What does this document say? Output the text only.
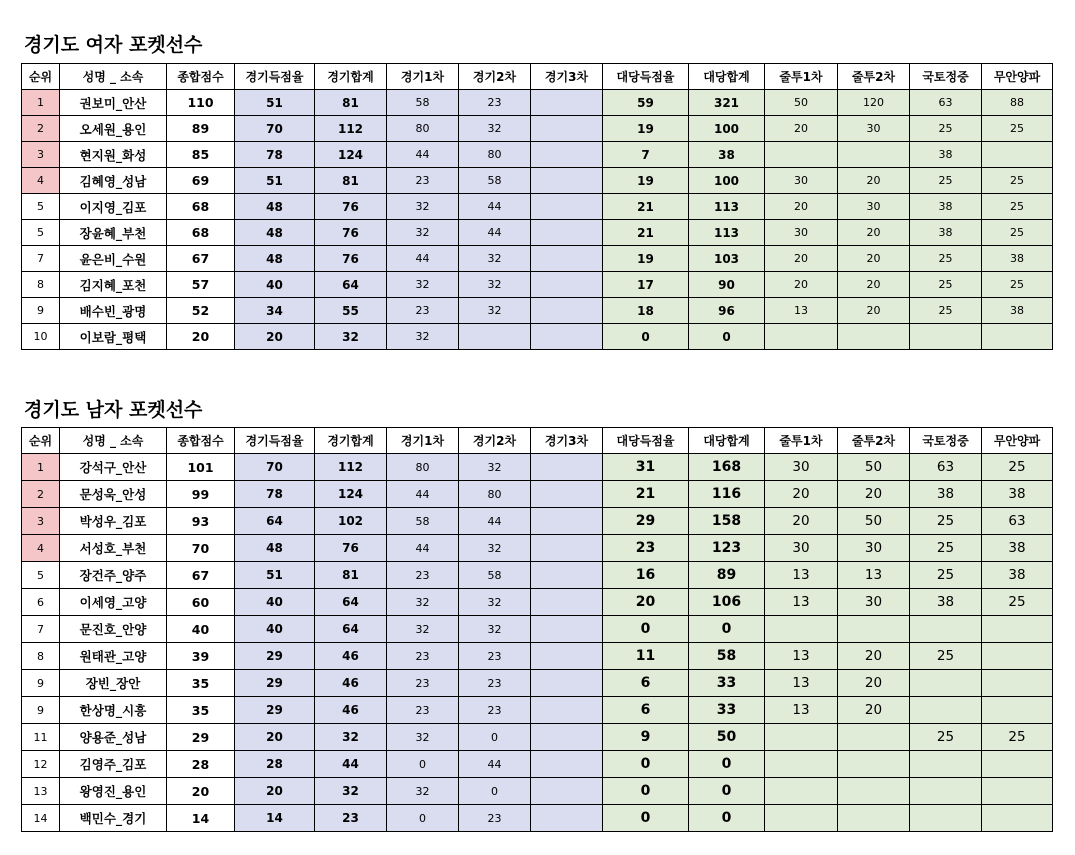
경기도 여자 포켓선수
순위	성명 _ 소속	종합점수	경기득점율	경기합계	경기1차	경기2차	경기3차	대당득점율	대당합계	줄투1차	줄투2차	국토정중	무안양파
1	권보미_안산	110	51	81	58	23		59	321	50	120	63	88
2	오세원_용인	89	70	112	80	32		19	100	20	30	25	25
3	현지원_화성	85	78	124	44	80		7	38			38	
4	김혜영_성남	69	51	81	23	58		19	100	30	20	25	25
5	이지영_김포	68	48	76	32	44		21	113	20	30	38	25
5	장윤혜_부천	68	48	76	32	44		21	113	30	20	38	25
7	윤은비_수원	67	48	76	44	32		19	103	20	20	25	38
8	김지혜_포천	57	40	64	32	32		17	90	20	20	25	25
9	배수빈_광명	52	34	55	23	32		18	96	13	20	25	38
10	이보람_평택	20	20	32	32			0	0				
경기도 남자 포켓선수
순위	성명 _ 소속	종합점수	경기득점율	경기합계	경기1차	경기2차	경기3차	대당득점율	대당합계	줄투1차	줄투2차	국토정중	무안양파
1	강석구_안산	101	70	112	80	32		31	168	30	50	63	25
2	문성욱_안성	99	78	124	44	80		21	116	20	20	38	38
3	박성우_김포	93	64	102	58	44		29	158	20	50	25	63
4	서성호_부천	70	48	76	44	32		23	123	30	30	25	38
5	장건주_양주	67	51	81	23	58		16	89	13	13	25	38
6	이세영_고양	60	40	64	32	32		20	106	13	30	38	25
7	문진호_안양	40	40	64	32	32		0	0				
8	원태관_고양	39	29	46	23	23		11	58	13	20	25	
9	장빈_장안	35	29	46	23	23		6	33	13	20		
9	한상명_시흥	35	29	46	23	23		6	33	13	20		
11	양용준_성남	29	20	32	32	0		9	50			25	25
12	김영주_김포	28	28	44	0	44		0	0				
13	왕영진_용인	20	20	32	32	0		0	0				
14	백민수_경기	14	14	23	0	23		0	0				
